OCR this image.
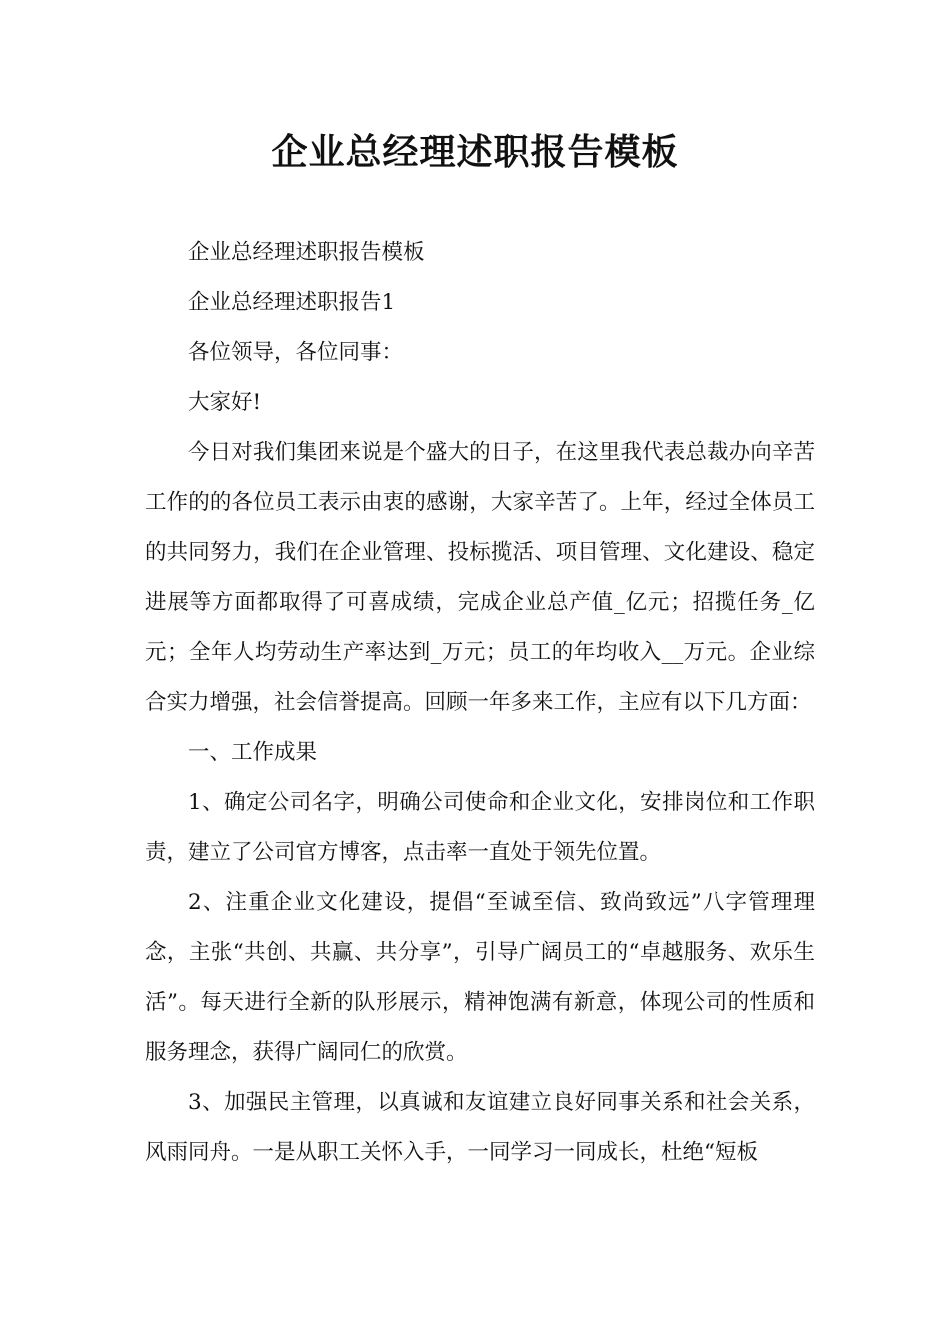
企业总经理述职报告模板

企业总经理述职报告模板

企业总经理述职报告1

各位领导，各位同事：

大家好!

今日对我们集团来说是个盛大的日子，在这里我代表总裁办向辛苦工作的的各位员工表示由衷的感谢，大家辛苦了。上年，经过全体员工的共同努力，我们在企业管理、投标揽活、项目管理、文化建设、稳定进展等方面都取得了可喜成绩，完成企业总产值_亿元；招揽任务_亿元；全年人均劳动生产率达到_万元；员工的年均收入__万元。企业综合实力增强，社会信誉提高。回顾一年多来工作，主应有以下几方面：

一、工作成果

1、确定公司名字，明确公司使命和企业文化，安排岗位和工作职责，建立了公司官方博客，点击率一直处于领先位置。

2、注重企业文化建设，提倡“至诚至信、致尚致远”八字管理理念，主张“共创、共赢、共分享”，引导广阔员工的“卓越服务、欢乐生活”。每天进行全新的队形展示，精神饱满有新意，体现公司的性质和服务理念，获得广阔同仁的欣赏。

3、加强民主管理，以真诚和友谊建立良好同事关系和社会关系，风雨同舟。一是从职工关怀入手，一同学习一同成长，杜绝“短板
